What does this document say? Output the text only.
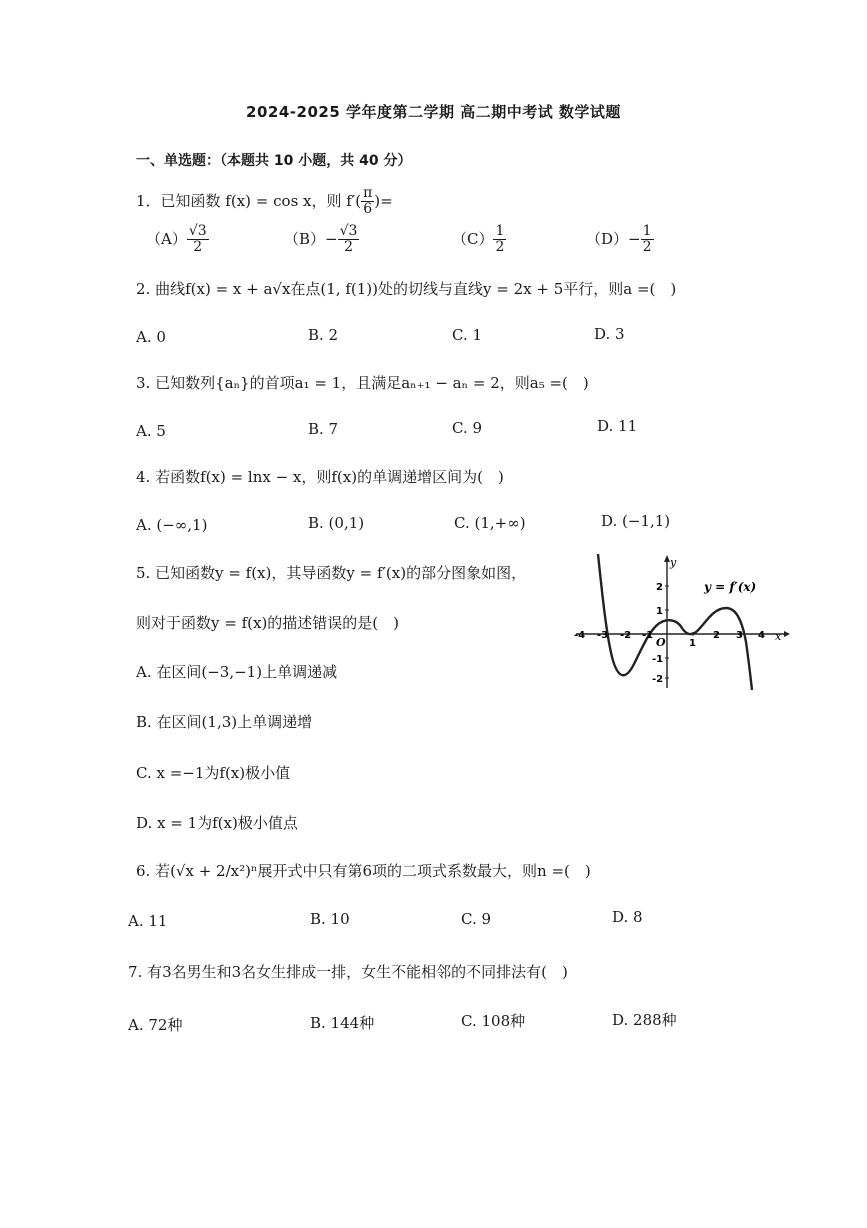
2024-2025 学年度第二学期 高二期中考试 数学试题
一、单选题：（本题共 10 小题，共 40 分）
1．已知函数 f(x) = cos x，则 $f'( \frac{\pi}{6}$ )=
$(A) \frac{√3}{2}$	$(B)- \frac{√3}{2}$	$(C) \frac{1}{2}$	$(D)- \frac{1}{2}$
2. 曲线f(x) = x + a√x在点(1, f(1))处的切线与直线y = 2x + 5平行，则a =(　)
A. 0	B. 2	C. 1	D. 3
3. 已知数列{aₙ}的首项a₁ = 1，且满足aₙ₊₁ − aₙ = 2，则a₅ =(　)
A. 5	B. 7	C. 9	D. 11
4. 若函数f(x) = lnx − x，则f(x)的单调递增区间为(　)
A. (−∞,1)	B. (0,1)	C. (1,+∞)	D. (−1,1)
5. 已知函数y = f(x)，其导函数y = f′(x)的部分图象如图，
则对于函数y = f(x)的描述错误的是(　)
A. 在区间(−3,−1)上单调递减
B. 在区间(1,3)上单调递增
C. x =−1为f(x)极小值
D. x = 1为f(x)极小值点
y
x
O
y = f′(x)
-4 -3 -2 -1
1
2 3 4
2
1
-1
-2
6. 若(√x + 2/x²)ⁿ展开式中只有第6项的二项式系数最大，则n =(　)
A. 11	B. 10	C. 9	D. 8
7. 有3名男生和3名女生排成一排，女生不能相邻的不同排法有(　)
A. 72种	B. 144种	C. 108种	D. 288种
